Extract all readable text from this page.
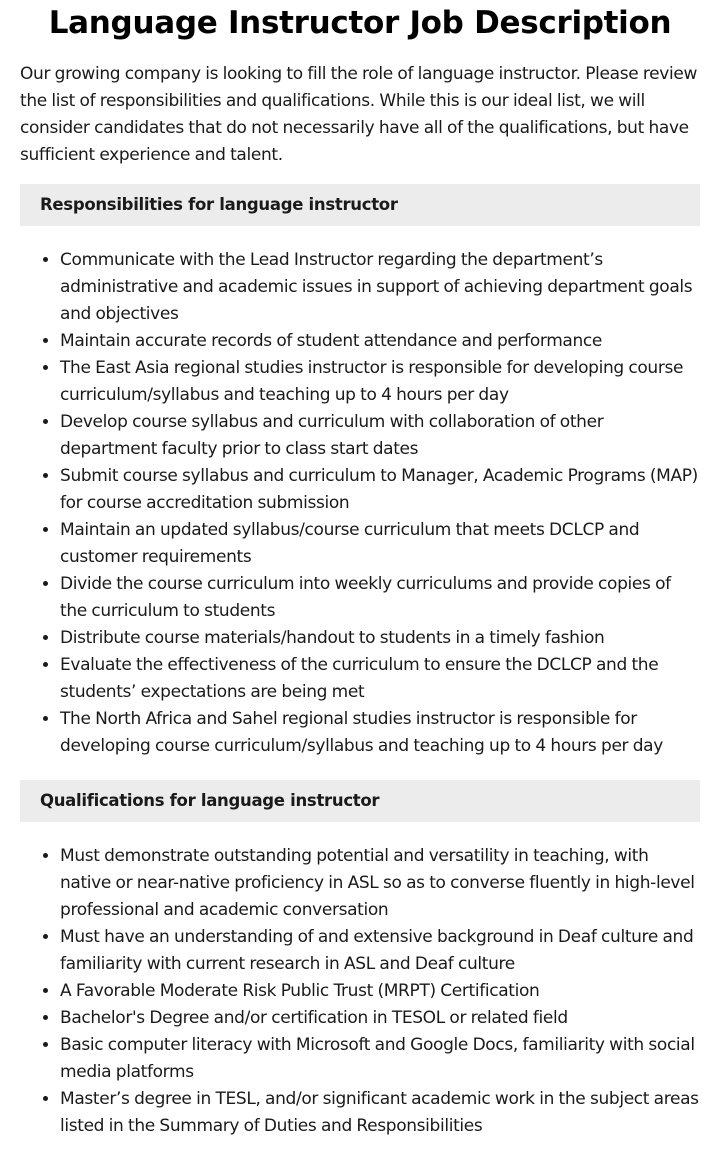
Language Instructor Job Description

Our growing company is looking to fill the role of language instructor. Please review the list of responsibilities and qualifications. While this is our ideal list, we will consider candidates that do not necessarily have all of the qualifications, but have sufficient experience and talent.

Responsibilities for language instructor
• Communicate with the Lead Instructor regarding the department’s administrative and academic issues in support of achieving department goals and objectives
• Maintain accurate records of student attendance and performance
• The East Asia regional studies instructor is responsible for developing course curriculum/syllabus and teaching up to 4 hours per day
• Develop course syllabus and curriculum with collaboration of other department faculty prior to class start dates
• Submit course syllabus and curriculum to Manager, Academic Programs (MAP) for course accreditation submission
• Maintain an updated syllabus/course curriculum that meets DCLCP and customer requirements
• Divide the course curriculum into weekly curriculums and provide copies of the curriculum to students
• Distribute course materials/handout to students in a timely fashion
• Evaluate the effectiveness of the curriculum to ensure the DCLCP and the students’ expectations are being met
• The North Africa and Sahel regional studies instructor is responsible for developing course curriculum/syllabus and teaching up to 4 hours per day
Qualifications for language instructor
• Must demonstrate outstanding potential and versatility in teaching, with native or near-native proficiency in ASL so as to converse fluently in high-level professional and academic conversation
• Must have an understanding of and extensive background in Deaf culture and familiarity with current research in ASL and Deaf culture
• A Favorable Moderate Risk Public Trust (MRPT) Certification
• Bachelor's Degree and/or certification in TESOL or related field
• Basic computer literacy with Microsoft and Google Docs, familiarity with social media platforms
• Master’s degree in TESL, and/or significant academic work in the subject areas listed in the Summary of Duties and Responsibilities
